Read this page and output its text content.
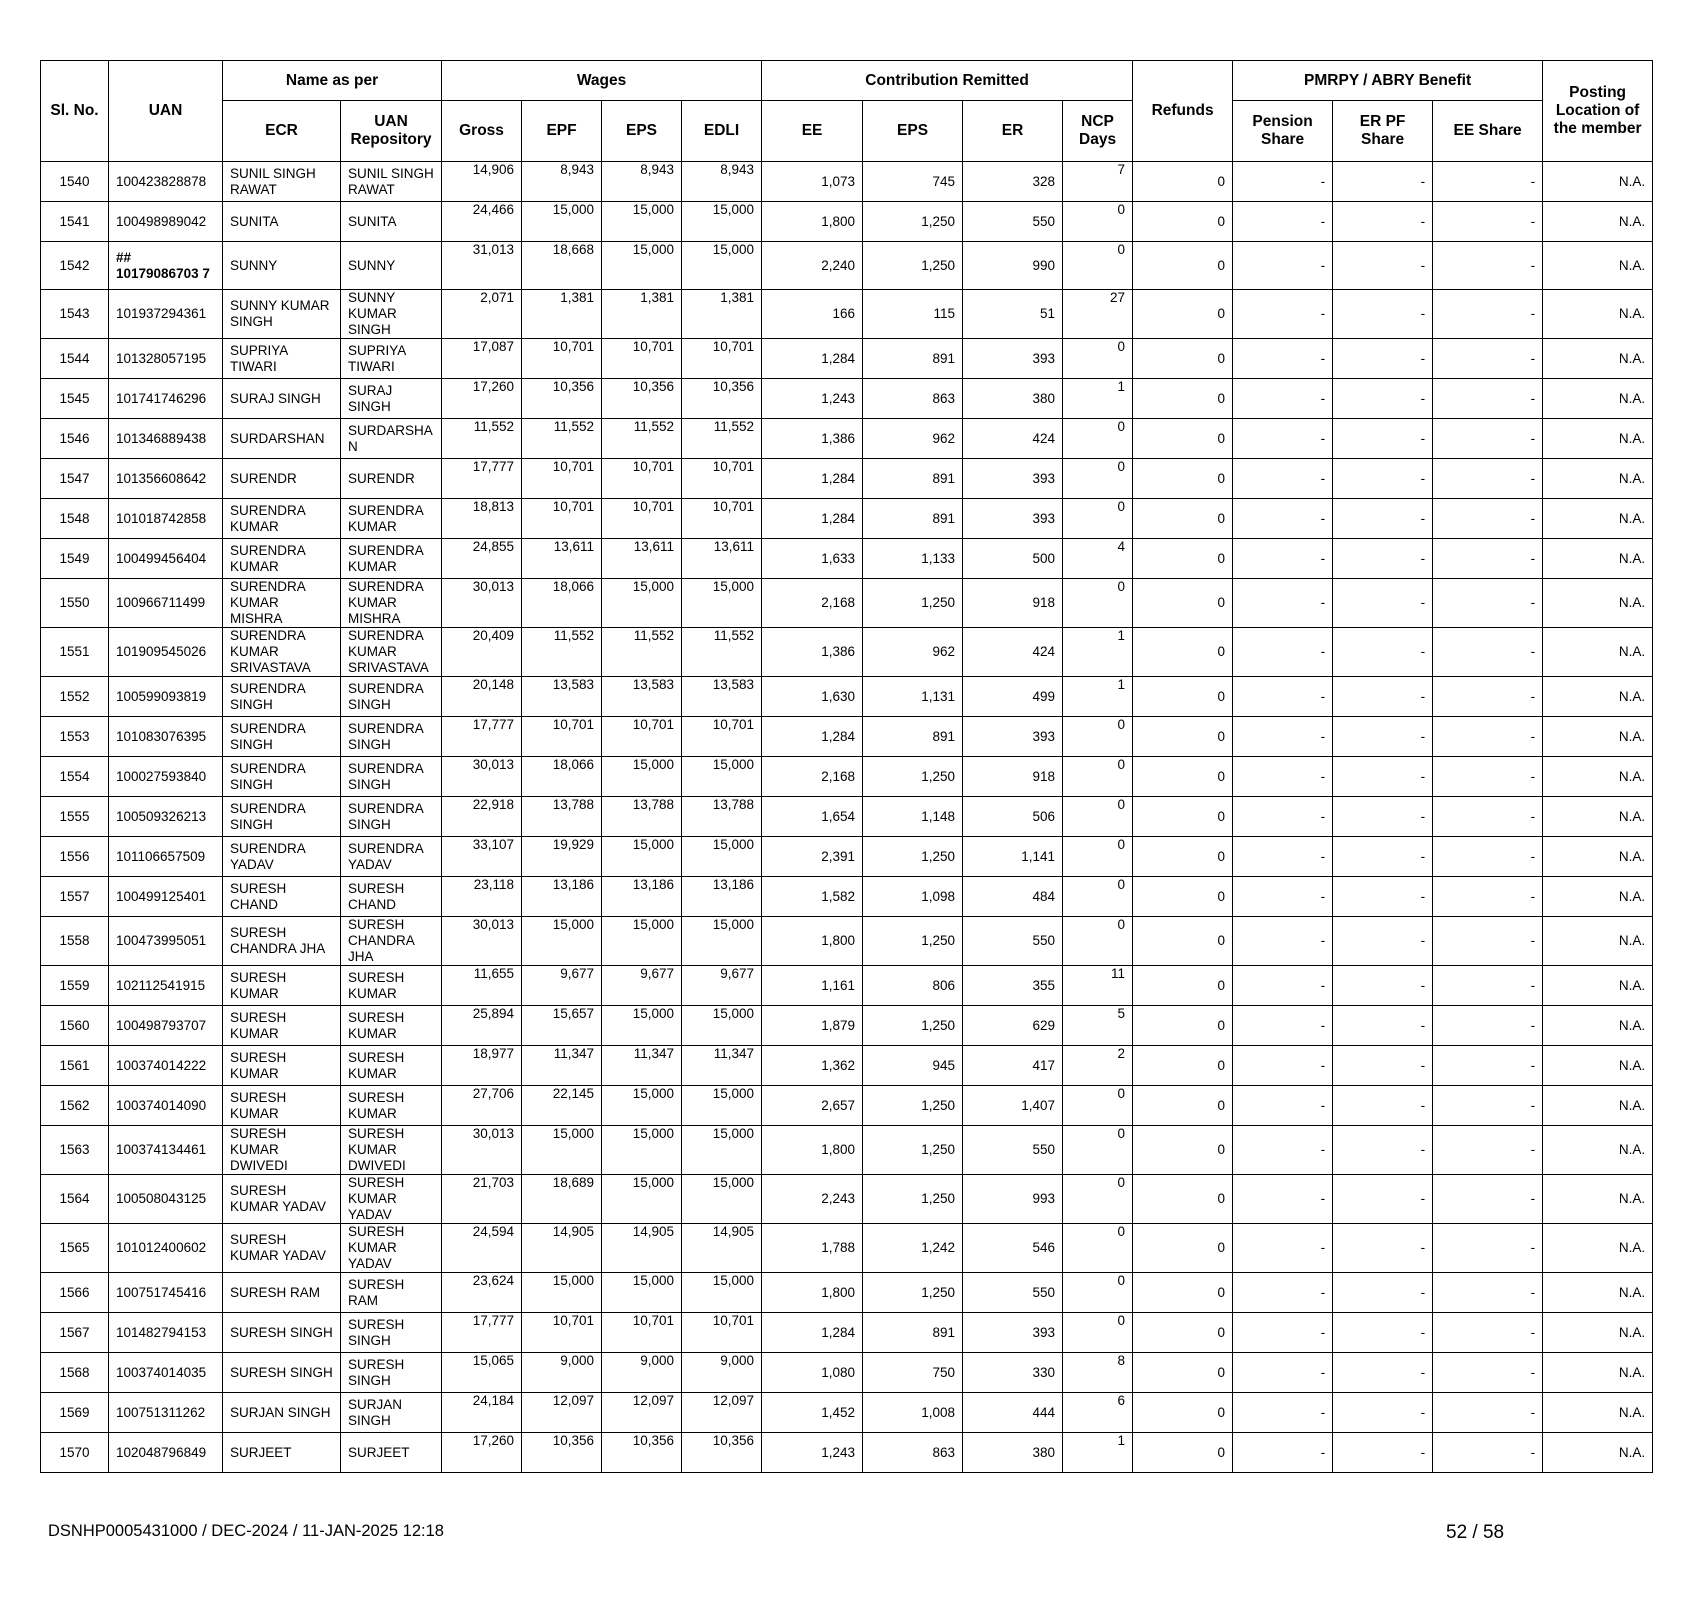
Sl. No.	UAN	Name as per		Wages				Contribution Remitted				Refunds	PMRPY / ABRY Benefit			Posting Location of the member
		ECR	UAN Repository	Gross	EPF	EPS	EDLI	EE	EPS	ER	NCP Days		Pension Share	ER PF Share	EE Share	
1540	100423828878	SUNIL SINGH RAWAT	SUNIL SINGH RAWAT	14,906	8,943	8,943	8,943	1,073	745	328	7	0	-	-	-	N.A.
1541	100498989042	SUNITA	SUNITA	24,466	15,000	15,000	15,000	1,800	1,250	550	0	0	-	-	-	N.A.
1542	## 10179086703 7	SUNNY	SUNNY	31,013	18,668	15,000	15,000	2,240	1,250	990	0	0	-	-	-	N.A.
1543	101937294361	SUNNY KUMAR SINGH	SUNNY KUMAR SINGH	2,071	1,381	1,381	1,381	166	115	51	27	0	-	-	-	N.A.
1544	101328057195	SUPRIYA TIWARI	SUPRIYA TIWARI	17,087	10,701	10,701	10,701	1,284	891	393	0	0	-	-	-	N.A.
1545	101741746296	SURAJ SINGH	SURAJ SINGH	17,260	10,356	10,356	10,356	1,243	863	380	1	0	-	-	-	N.A.
1546	101346889438	SURDARSHAN	SURDARSHA N	11,552	11,552	11,552	11,552	1,386	962	424	0	0	-	-	-	N.A.
1547	101356608642	SURENDR	SURENDR	17,777	10,701	10,701	10,701	1,284	891	393	0	0	-	-	-	N.A.
1548	101018742858	SURENDRA KUMAR	SURENDRA KUMAR	18,813	10,701	10,701	10,701	1,284	891	393	0	0	-	-	-	N.A.
1549	100499456404	SURENDRA KUMAR	SURENDRA KUMAR	24,855	13,611	13,611	13,611	1,633	1,133	500	4	0	-	-	-	N.A.
1550	100966711499	SURENDRA KUMAR MISHRA	SURENDRA KUMAR MISHRA	30,013	18,066	15,000	15,000	2,168	1,250	918	0	0	-	-	-	N.A.
1551	101909545026	SURENDRA KUMAR SRIVASTAVA	SURENDRA KUMAR SRIVASTAVA	20,409	11,552	11,552	11,552	1,386	962	424	1	0	-	-	-	N.A.
1552	100599093819	SURENDRA SINGH	SURENDRA SINGH	20,148	13,583	13,583	13,583	1,630	1,131	499	1	0	-	-	-	N.A.
1553	101083076395	SURENDRA SINGH	SURENDRA SINGH	17,777	10,701	10,701	10,701	1,284	891	393	0	0	-	-	-	N.A.
1554	100027593840	SURENDRA SINGH	SURENDRA SINGH	30,013	18,066	15,000	15,000	2,168	1,250	918	0	0	-	-	-	N.A.
1555	100509326213	SURENDRA SINGH	SURENDRA SINGH	22,918	13,788	13,788	13,788	1,654	1,148	506	0	0	-	-	-	N.A.
1556	101106657509	SURENDRA YADAV	SURENDRA YADAV	33,107	19,929	15,000	15,000	2,391	1,250	1,141	0	0	-	-	-	N.A.
1557	100499125401	SURESH CHAND	SURESH CHAND	23,118	13,186	13,186	13,186	1,582	1,098	484	0	0	-	-	-	N.A.
1558	100473995051	SURESH CHANDRA JHA	SURESH CHANDRA JHA	30,013	15,000	15,000	15,000	1,800	1,250	550	0	0	-	-	-	N.A.
1559	102112541915	SURESH KUMAR	SURESH KUMAR	11,655	9,677	9,677	9,677	1,161	806	355	11	0	-	-	-	N.A.
1560	100498793707	SURESH KUMAR	SURESH KUMAR	25,894	15,657	15,000	15,000	1,879	1,250	629	5	0	-	-	-	N.A.
1561	100374014222	SURESH KUMAR	SURESH KUMAR	18,977	11,347	11,347	11,347	1,362	945	417	2	0	-	-	-	N.A.
1562	100374014090	SURESH KUMAR	SURESH KUMAR	27,706	22,145	15,000	15,000	2,657	1,250	1,407	0	0	-	-	-	N.A.
1563	100374134461	SURESH KUMAR DWIVEDI	SURESH KUMAR DWIVEDI	30,013	15,000	15,000	15,000	1,800	1,250	550	0	0	-	-	-	N.A.
1564	100508043125	SURESH KUMAR YADAV	SURESH KUMAR YADAV	21,703	18,689	15,000	15,000	2,243	1,250	993	0	0	-	-	-	N.A.
1565	101012400602	SURESH KUMAR YADAV	SURESH KUMAR YADAV	24,594	14,905	14,905	14,905	1,788	1,242	546	0	0	-	-	-	N.A.
1566	100751745416	SURESH RAM	SURESH RAM	23,624	15,000	15,000	15,000	1,800	1,250	550	0	0	-	-	-	N.A.
1567	101482794153	SURESH SINGH	SURESH SINGH	17,777	10,701	10,701	10,701	1,284	891	393	0	0	-	-	-	N.A.
1568	100374014035	SURESH SINGH	SURESH SINGH	15,065	9,000	9,000	9,000	1,080	750	330	8	0	-	-	-	N.A.
1569	100751311262	SURJAN SINGH	SURJAN SINGH	24,184	12,097	12,097	12,097	1,452	1,008	444	6	0	-	-	-	N.A.
1570	102048796849	SURJEET	SURJEET	17,260	10,356	10,356	10,356	1,243	863	380	1	0	-	-	-	N.A.
DSNHP0005431000 / DEC-2024 / 11-JAN-2025 12:18	52 / 58
